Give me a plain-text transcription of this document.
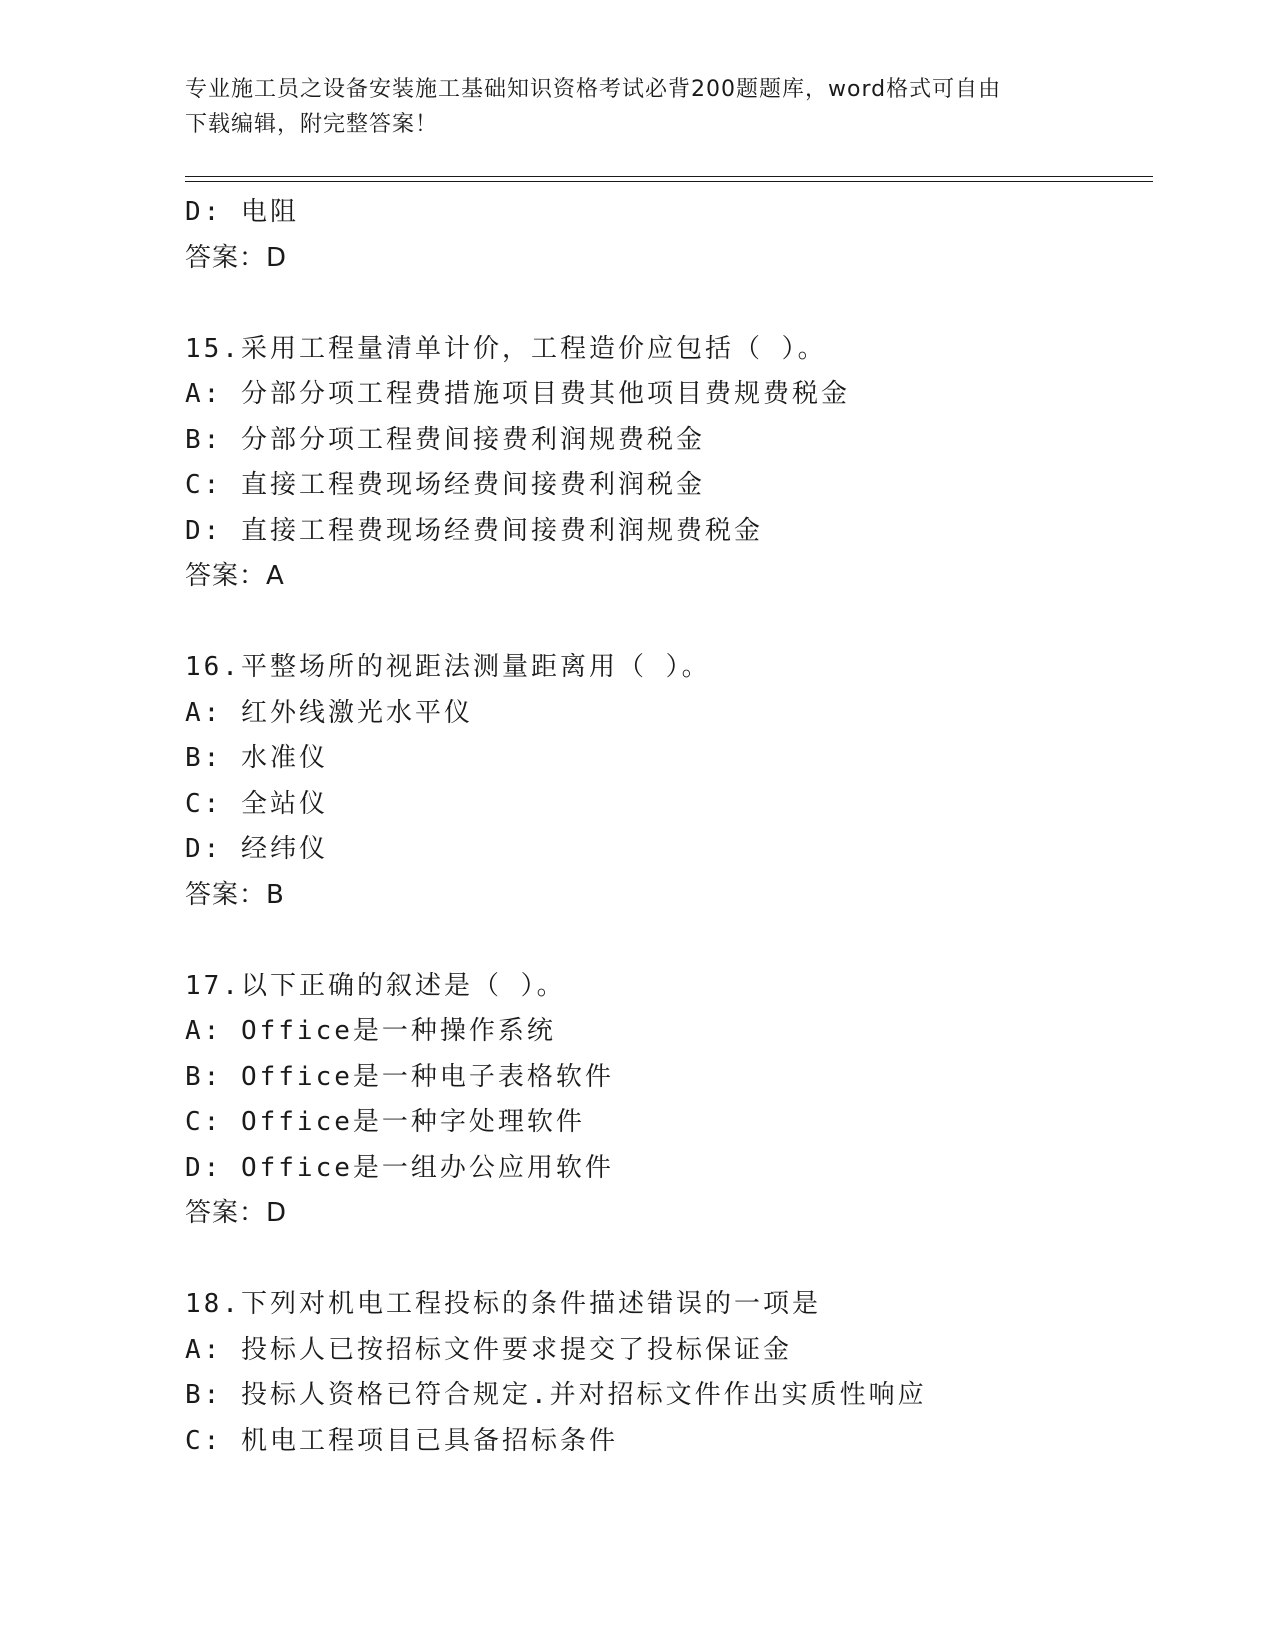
专业施工员之设备安装施工基础知识资格考试必背200题题库，word格式可自由
下载编辑，附完整答案！
D: 电阻
答案：D
15.采用工程量清单计价，工程造价应包括（ ）。
A: 分部分项工程费措施项目费其他项目费规费税金
B: 分部分项工程费间接费利润规费税金
C: 直接工程费现场经费间接费利润税金
D: 直接工程费现场经费间接费利润规费税金
答案：A
16.平整场所的视距法测量距离用（ ）。
A: 红外线激光水平仪
B: 水准仪
C: 全站仪
D: 经纬仪
答案：B
17.以下正确的叙述是（ ）。
A: Office是一种操作系统
B: Office是一种电子表格软件
C: Office是一种字处理软件
D: Office是一组办公应用软件
答案：D
18.下列对机电工程投标的条件描述错误的一项是
A: 投标人已按招标文件要求提交了投标保证金
B: 投标人资格已符合规定.并对招标文件作出实质性响应
C: 机电工程项目已具备招标条件
